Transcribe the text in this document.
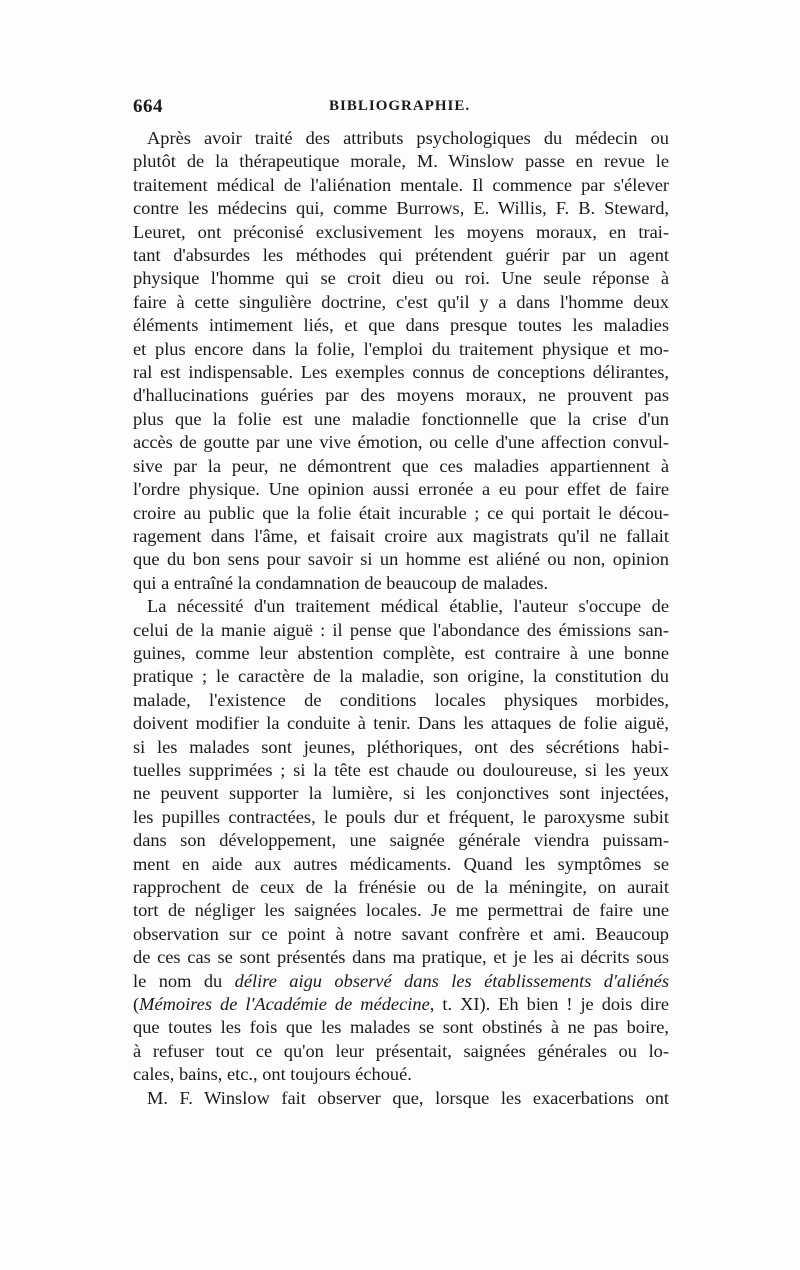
664	BIBLIOGRAPHIE.
Après avoir traité des attributs psychologiques du médecin ou
plutôt de la thérapeutique morale, M. Winslow passe en revue le
traitement médical de l'aliénation mentale. Il commence par s'élever
contre les médecins qui, comme Burrows, E. Willis, F. B. Steward,
Leuret, ont préconisé exclusivement les moyens moraux, en trai-
tant d'absurdes les méthodes qui prétendent guérir par un agent
physique l'homme qui se croit dieu ou roi. Une seule réponse à
faire à cette singulière doctrine, c'est qu'il y a dans l'homme deux
éléments intimement liés, et que dans presque toutes les maladies
et plus encore dans la folie, l'emploi du traitement physique et mo-
ral est indispensable. Les exemples connus de conceptions délirantes,
d'hallucinations guéries par des moyens moraux, ne prouvent pas
plus que la folie est une maladie fonctionnelle que la crise d'un
accès de goutte par une vive émotion, ou celle d'une affection convul-
sive par la peur, ne démontrent que ces maladies appartiennent à
l'ordre physique. Une opinion aussi erronée a eu pour effet de faire
croire au public que la folie était incurable ; ce qui portait le décou-
ragement dans l'âme, et faisait croire aux magistrats qu'il ne fallait
que du bon sens pour savoir si un homme est aliéné ou non, opinion
qui a entraîné la condamnation de beaucoup de malades.
La nécessité d'un traitement médical établie, l'auteur s'occupe de
celui de la manie aiguë : il pense que l'abondance des émissions san-
guines, comme leur abstention complète, est contraire à une bonne
pratique ; le caractère de la maladie, son origine, la constitution du
malade, l'existence de conditions locales physiques morbides,
doivent modifier la conduite à tenir. Dans les attaques de folie aiguë,
si les malades sont jeunes, pléthoriques, ont des sécrétions habi-
tuelles supprimées ; si la tête est chaude ou douloureuse, si les yeux
ne peuvent supporter la lumière, si les conjonctives sont injectées,
les pupilles contractées, le pouls dur et fréquent, le paroxysme subit
dans son développement, une saignée générale viendra puissam-
ment en aide aux autres médicaments. Quand les symptômes se
rapprochent de ceux de la frénésie ou de la méningite, on aurait
tort de négliger les saignées locales. Je me permettrai de faire une
observation sur ce point à notre savant confrère et ami. Beaucoup
de ces cas se sont présentés dans ma pratique, et je les ai décrits sous
le nom du délire aigu observé dans les établissements d'aliénés
(Mémoires de l'Académie de médecine, t. XI). Eh bien ! je dois dire
que toutes les fois que les malades se sont obstinés à ne pas boire,
à refuser tout ce qu'on leur présentait, saignées générales ou lo-
cales, bains, etc., ont toujours échoué.
M. F. Winslow fait observer que, lorsque les exacerbations ont
